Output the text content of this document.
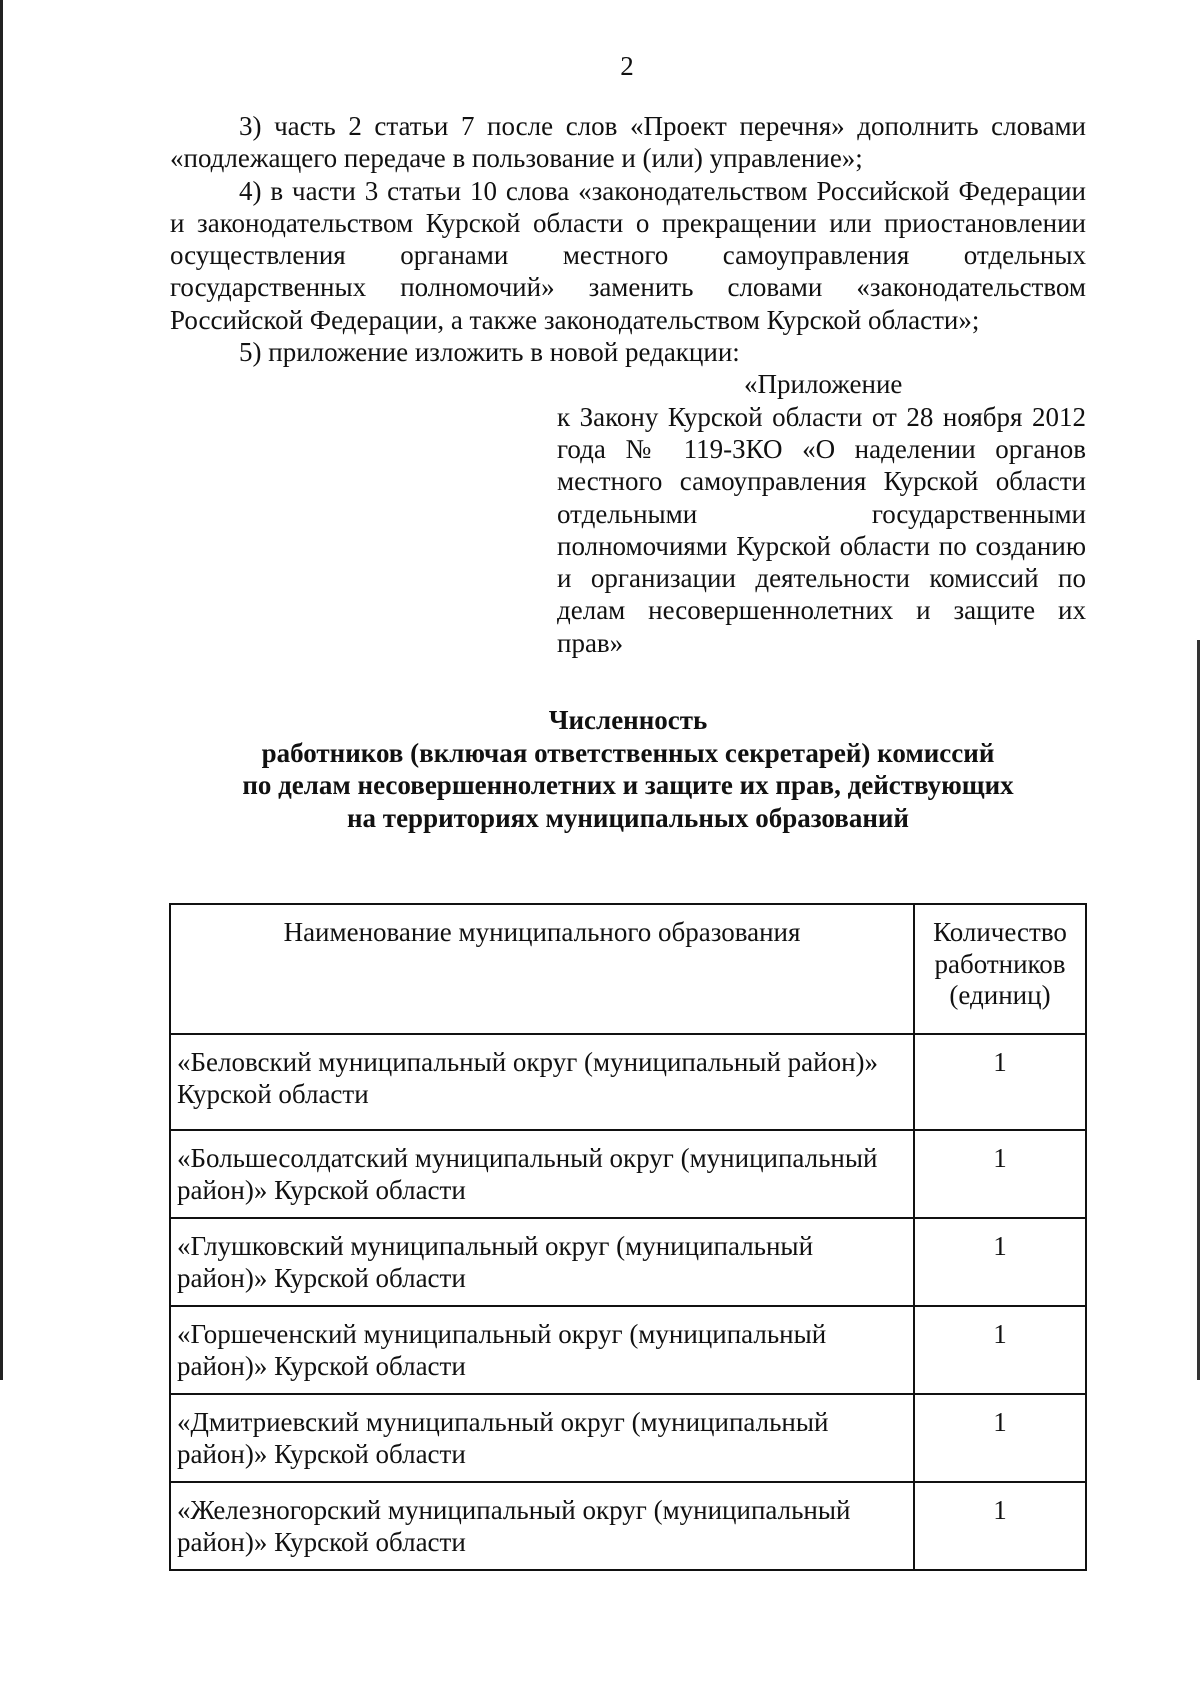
2

3) часть 2 статьи 7 после слов «Проект перечня» дополнить словами «подлежащего передаче в пользование и (или) управление»;

4) в части 3 статьи 10 слова «законодательством Российской Федерации и законодательством Курской области о прекращении или приостановлении осуществления органами местного самоуправления отдельных государственных полномочий» заменить словами «законодательством Российской Федерации, а также законодательством Курской области»;

5) приложение изложить в новой редакции:

«Приложение

к Закону Курской области от 28 ноября 2012 года № 119-ЗКО «О наделении органов местного самоуправления Курской области отдельными государственными полномочиями Курской области по созданию и организации деятельности комиссий по делам несовершеннолетних и защите их прав»

Численность
работников (включая ответственных секретарей) комиссий
по делам несовершеннолетних и защите их прав, действующих
на территориях муниципальных образований
Наименование муниципального образования	Количество работников (единиц)
«Беловский муниципальный округ (муниципальный район)» Курской области	1
«Большесолдатский муниципальный округ (муниципальный район)» Курской области	1
«Глушковский муниципальный округ (муниципальный район)» Курской области	1
«Горшеченский муниципальный округ (муниципальный район)» Курской области	1
«Дмитриевский муниципальный округ (муниципальный район)» Курской области	1
«Железногорский муниципальный округ (муниципальный район)» Курской области	1
